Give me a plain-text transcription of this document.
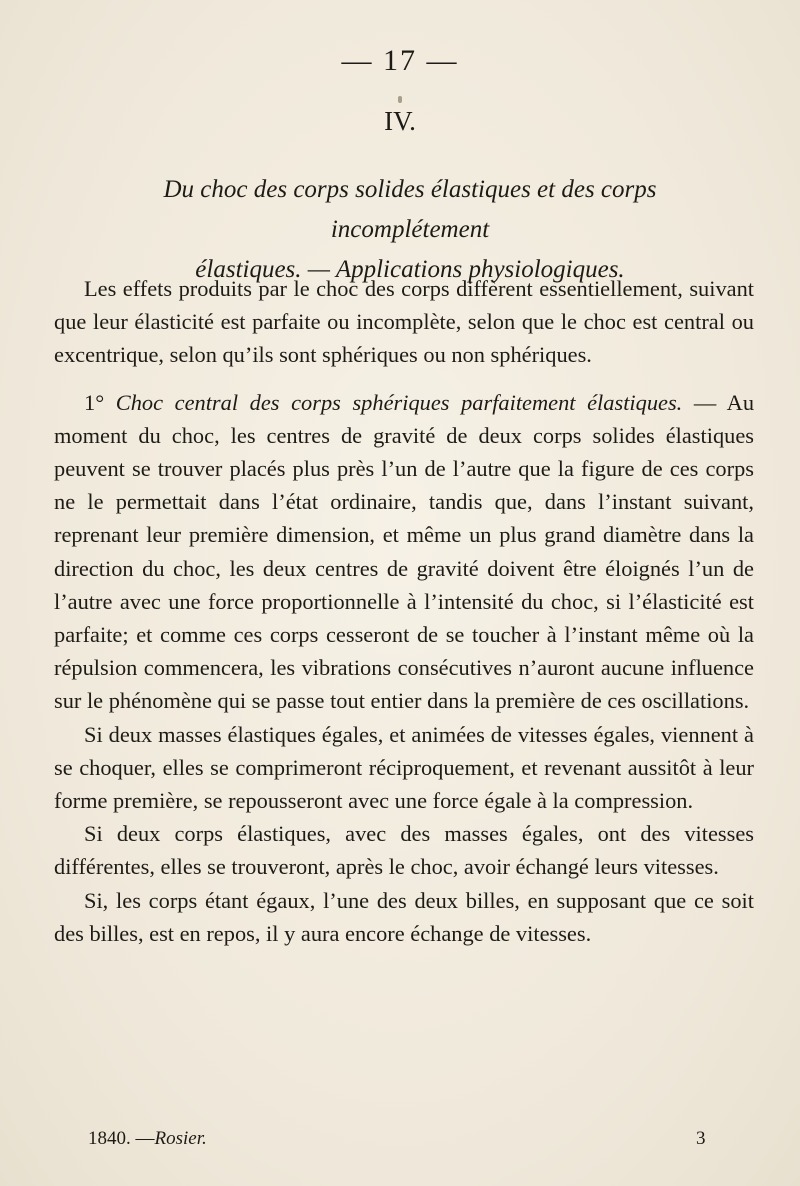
— 17 —
IV.
Du choc des corps solides élastiques et des corps incomplétement
élastiques. — Applications physiologiques.

Les effets produits par le choc des corps diffèrent essentiellement, suivant que leur élasticité est parfaite ou incomplète, selon que le choc est central ou excentrique, selon qu’ils sont sphériques ou non sphériques.

1° Choc central des corps sphériques parfaitement élastiques. — Au moment du choc, les centres de gravité de deux corps solides élastiques peuvent se trouver placés plus près l’un de l’autre que la figure de ces corps ne le permettait dans l’état ordinaire, tandis que, dans l’instant suivant, reprenant leur première dimension, et même un plus grand diamètre dans la direction du choc, les deux centres de gravité doivent être éloignés l’un de l’autre avec une force proportionnelle à l’intensité du choc, si l’élasticité est parfaite; et comme ces corps cesseront de se toucher à l’instant même où la répulsion commencera, les vibrations consécutives n’auront aucune influence sur le phénomène qui se passe tout entier dans la première de ces oscillations.

Si deux masses élastiques égales, et animées de vitesses égales, viennent à se choquer, elles se comprimeront réciproquement, et revenant aussitôt à leur forme première, se repousseront avec une force égale à la compression.

Si deux corps élastiques, avec des masses égales, ont des vitesses différentes, elles se trouveront, après le choc, avoir échangé leurs vitesses.

Si, les corps étant égaux, l’une des deux billes, en supposant que ce soit des billes, est en repos, il y aura encore échange de vitesses.

1840. —Rosier.	3
